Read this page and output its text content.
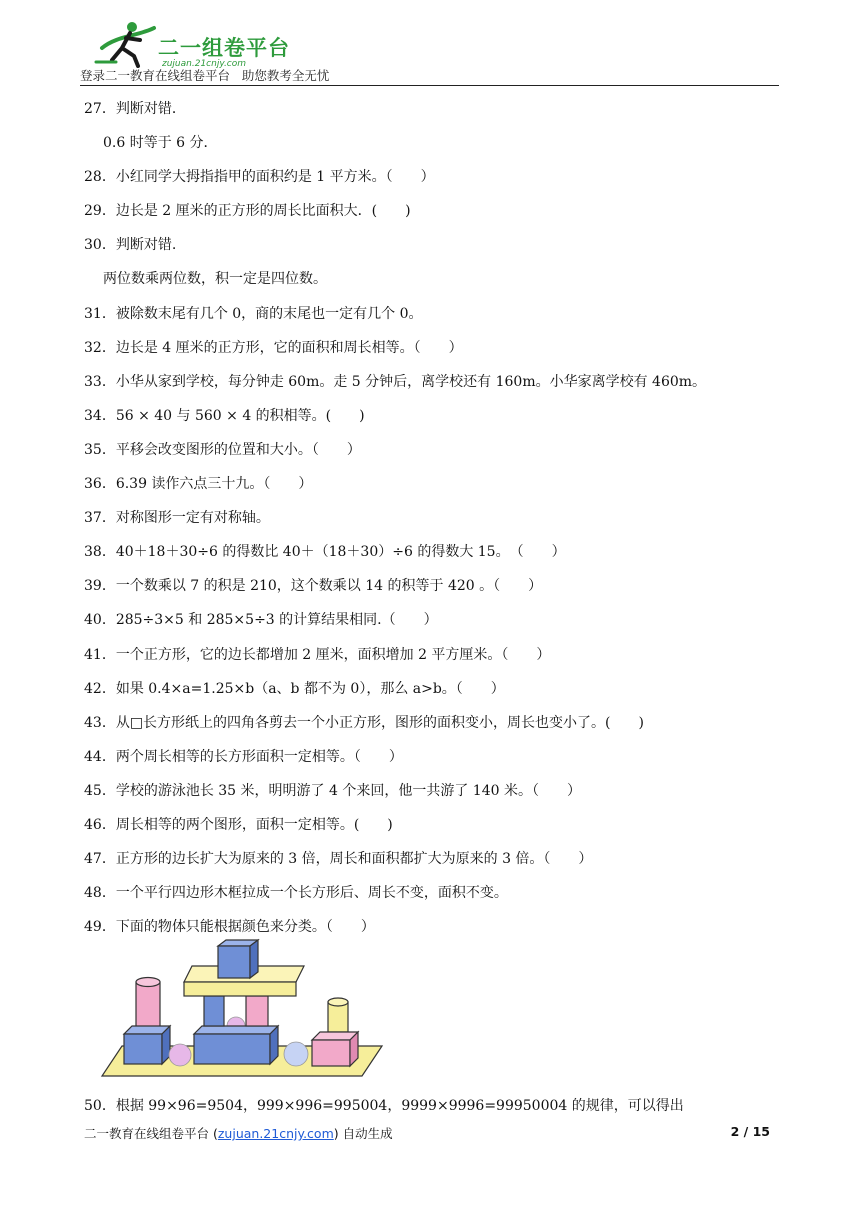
二一组卷平台
zujuan.21cnjy.com
登录二一教育在线组卷平台   助您教考全无忧
27．判断对错．
0.6 时等于 6 分．
28．小红同学大拇指指甲的面积约是 1 平方米。（　　）
29．边长是 2 厘米的正方形的周长比面积大．(　　)
30．判断对错.
两位数乘两位数，积一定是四位数。
31．被除数末尾有几个 0，商的末尾也一定有几个 0。
32．边长是 4 厘米的正方形，它的面积和周长相等。（　　）
33．小华从家到学校，每分钟走 60m。走 5 分钟后，离学校还有 160m。小华家离学校有 460m。
34．56 × 40 与 560 × 4 的积相等。(　　)
35．平移会改变图形的位置和大小。（　　）
36．6.39 读作六点三十九。（　　）
37．对称图形一定有对称轴。
38．40＋18＋30÷6 的得数比 40＋（18＋30）÷6 的得数大 15。　（　　）
39．一个数乘以 7 的积是 210，这个数乘以 14 的积等于 420 。（　　）
40．285÷3×5 和 285×5÷3 的计算结果相同.（　　）
41．一个正方形，它的边长都增加 2 厘米，面积增加 2 平方厘米。（　　）
42．如果 0.4×a=1.25×b（a、b 都不为 0），那么 a>b。（　　）
43．从□长方形纸上的四角各剪去一个小正方形，图形的面积变小，周长也变小了。(　　)
44．两个周长相等的长方形面积一定相等。（　　）
45．学校的游泳池长 35 米，明明游了 4 个来回，他一共游了 140 米。（　　）
46．周长相等的两个图形，面积一定相等。(　　)
47．正方形的边长扩大为原来的 3 倍，周长和面积都扩大为原来的 3 倍。（　　）
48．一个平行四边形木框拉成一个长方形后、周长不变，面积不变。
49．下面的物体只能根据颜色来分类。（　　）
50．根据 99×96=9504，999×996=995004，9999×9996=99950004 的规律，可以得出
二一教育在线组卷平台 (zujuan.21cnjy.com) 自动生成	2 / 15
